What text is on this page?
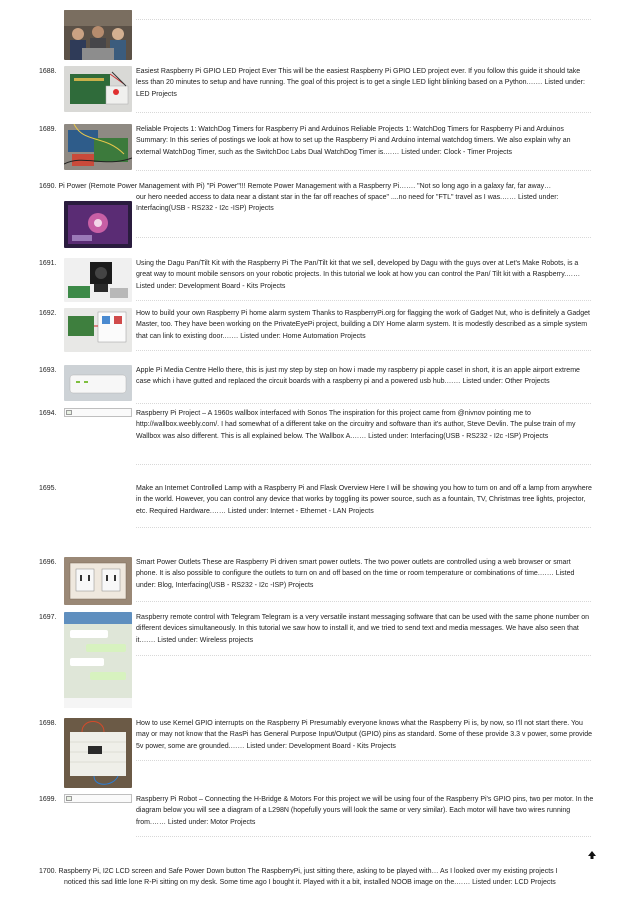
1688.	Easiest Raspberry Pi GPIO LED Project Ever This will be the easiest Raspberry Pi GPIO LED project ever. If you follow this guide it should take less than 20 minutes to setup and have running. The goal of this project is to get a single LED light blinking based on a Python.…… Listed under: LED Projects
1689.	Reliable Projects 1: WatchDog Timers for Raspberry Pi and Arduinos Reliable Projects 1: WatchDog Timers for Raspberry Pi and Arduinos Summary: In this series of postings we look at how to set up the Raspberry Pi and Arduino internal watchdog timers. We also explain why an external WatchDog Timer, such as the SwitchDoc Labs Dual WatchDog Timer is.…… Listed under: Clock - Timer Projects
1690. Pi Power (Remote Power Management with Pi) "Pi Power"!!! Remote Power Management with a Raspberry Pi……. "Not so long ago in a galaxy far, far away…
our hero needed access to data near a distant star in the far off reaches of space" ....no need for "FTL" travel as I was.…… Listed under: Interfacing(USB - RS232 - I2c -ISP) Projects
1691.	Using the Dagu Pan/Tilt Kit with the Raspberry Pi The Pan/Tilt kit that we sell, developed by Dagu with the guys over at Let's Make Robots, is a great way to mount mobile sensors on your robotic projects. In this tutorial we look at how you can control the Pan/ Tilt kit with a Raspberry.…… Listed under: Development Board - Kits Projects
1692.	How to build your own Raspberry Pi home alarm system Thanks to RaspberryPi.org for flagging the work of Gadget Nut, who is definitely a Gadget Master, too. They have been working on the PrivateEyePi project, building a DIY Home alarm system. It is modestly described as a simple system that can link to existing door.…… Listed under: Home Automation Projects
1693.	Apple Pi Media Centre Hello there, this is just my step by step on how i made my raspberry pi apple case! in short, it is an apple airport extreme case which i have gutted and replaced the circuit boards with a raspberry pi and a powered usb hub.…… Listed under: Other Projects
1694.	Raspberry Pi Project – A 1960s wallbox interfaced with Sonos The inspiration for this project came from @nivnov pointing me to http://wallbox.weebly.com/. I had somewhat of a different take on the circuitry and software than it's author, Steve Devlin. The pulse train of my Wallbox was also different. This is all explained below. The Wallbox A.…… Listed under: Interfacing(USB - RS232 - I2c -ISP) Projects
1695.	Make an Internet Controlled Lamp with a Raspberry Pi and Flask Overview Here I will be showing you how to turn on and off a lamp from anywhere in the world. However, you can control any device that works by toggling its power source, such as a fountain, TV, Christmas tree lights, projector, etc. Required Hardware.…… Listed under: Internet - Ethernet - LAN Projects
1696.	Smart Power Outlets These are Raspberry Pi driven smart power outlets. The two power outlets are controlled using a web browser or smart phone. It is also possible to configure the outlets to turn on and off based on the time or room temperature or combinations of time.…… Listed under: Blog, Interfacing(USB - RS232 - I2c -ISP) Projects
1697.	Raspberry remote control with Telegram Telegram is a very versatile instant messaging software that can be used with the same phone number on different devices simultaneously. In this tutorial we saw how to install it, and we tried to send text and media messages. We have also seen that it.…… Listed under: Wireless projects
1698.	How to use Kernel GPIO interrupts on the Raspberry Pi Presumably everyone knows what the Raspberry Pi is, by now, so I'll not start there. You may or may not know that the RasPi has General Purpose Input/Output (GPIO) pins as standard. Some of these provide 3.3 v power, some provide 5v power, some are grounded.…… Listed under: Development Board - Kits Projects
1699.	Raspberry Pi Robot – Connecting the H-Bridge & Motors For this project we will be using four of the Raspberry Pi's GPIO pins, two per motor. In the diagram below you will see a diagram of a L298N (hopefully yours will look the same or very similar). Each motor will have two wires running from.…… Listed under: Motor Projects
1700. Raspberry Pi, I2C LCD screen and Safe Power Down button The RaspberryPi, just sitting there, asking to be played with… As I looked over my existing projects I
noticed this sad little lone R-Pi sitting on my desk. Some time ago I bought it. Played with it a bit, installed NOOB image on the.…… Listed under: LCD Projects
